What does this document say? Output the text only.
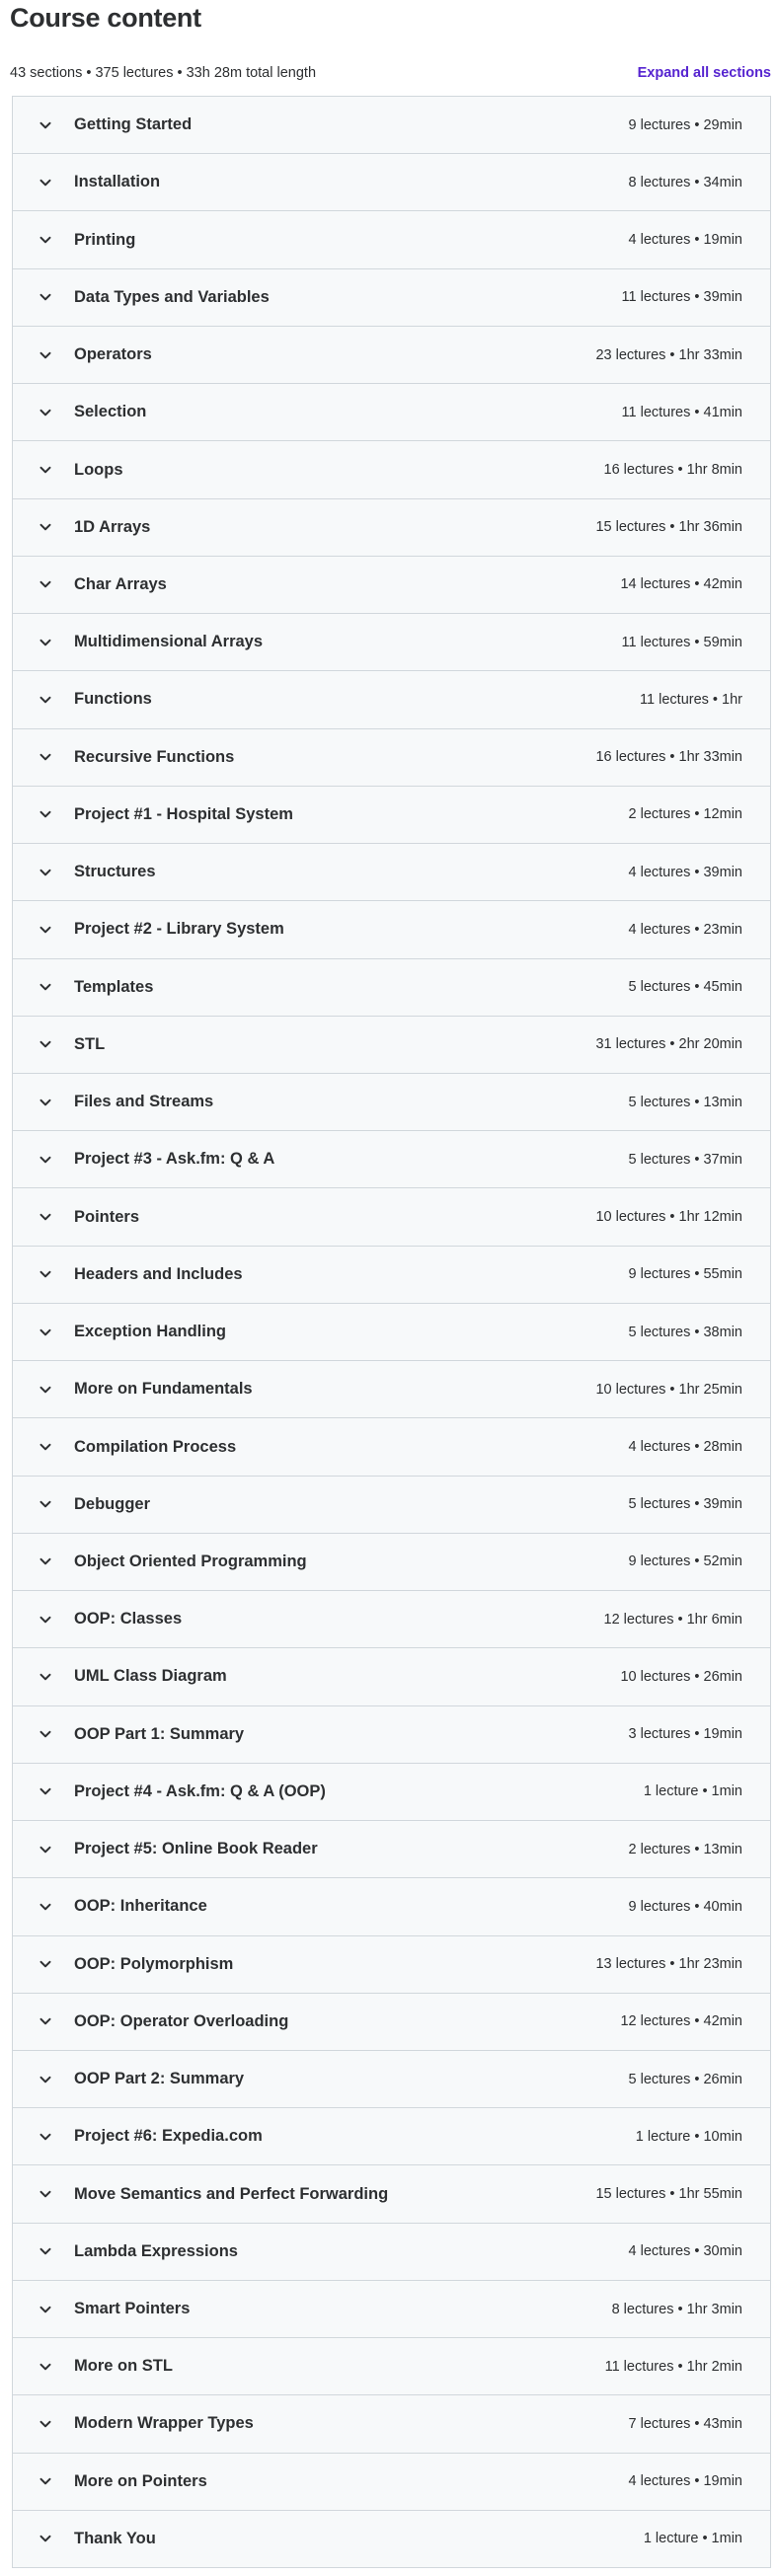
Course content
43 sections • 375 lectures • 33h 28m total length	Expand all sections
Getting Started	9 lectures • 29min
Installation	8 lectures • 34min
Printing	4 lectures • 19min
Data Types and Variables	11 lectures • 39min
Operators	23 lectures • 1hr 33min
Selection	11 lectures • 41min
Loops	16 lectures • 1hr 8min
1D Arrays	15 lectures • 1hr 36min
Char Arrays	14 lectures • 42min
Multidimensional Arrays	11 lectures • 59min
Functions	11 lectures • 1hr
Recursive Functions	16 lectures • 1hr 33min
Project #1 - Hospital System	2 lectures • 12min
Structures	4 lectures • 39min
Project #2 - Library System	4 lectures • 23min
Templates	5 lectures • 45min
STL	31 lectures • 2hr 20min
Files and Streams	5 lectures • 13min
Project #3 - Ask.fm: Q & A	5 lectures • 37min
Pointers	10 lectures • 1hr 12min
Headers and Includes	9 lectures • 55min
Exception Handling	5 lectures • 38min
More on Fundamentals	10 lectures • 1hr 25min
Compilation Process	4 lectures • 28min
Debugger	5 lectures • 39min
Object Oriented Programming	9 lectures • 52min
OOP: Classes	12 lectures • 1hr 6min
UML Class Diagram	10 lectures • 26min
OOP Part 1: Summary	3 lectures • 19min
Project #4 - Ask.fm: Q & A (OOP)	1 lecture • 1min
Project #5: Online Book Reader	2 lectures • 13min
OOP: Inheritance	9 lectures • 40min
OOP: Polymorphism	13 lectures • 1hr 23min
OOP: Operator Overloading	12 lectures • 42min
OOP Part 2: Summary	5 lectures • 26min
Project #6: Expedia.com	1 lecture • 10min
Move Semantics and Perfect Forwarding	15 lectures • 1hr 55min
Lambda Expressions	4 lectures • 30min
Smart Pointers	8 lectures • 1hr 3min
More on STL	11 lectures • 1hr 2min
Modern Wrapper Types	7 lectures • 43min
More on Pointers	4 lectures • 19min
Thank You	1 lecture • 1min
